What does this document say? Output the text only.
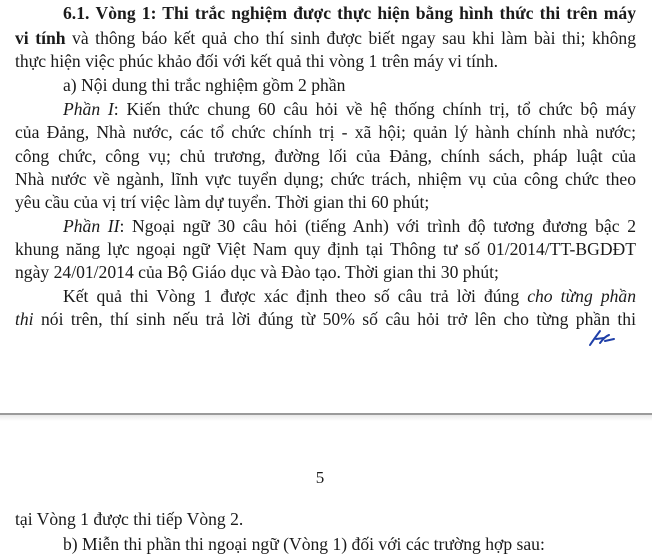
6.1. Vòng 1: Thi trắc nghiệm được thực hiện bằng hình thức thi trên máy
vi tính và thông báo kết quả cho thí sinh được biết ngay sau khi làm bài thi; không
thực hiện việc phúc khảo đối với kết quả thi vòng 1 trên máy vi tính.
a) Nội dung thi trắc nghiệm gồm 2 phần
Phần I: Kiến thức chung 60 câu hỏi về hệ thống chính trị, tổ chức bộ máy
của Đảng, Nhà nước, các tổ chức chính trị - xã hội; quản lý hành chính nhà nước;
công chức, công vụ; chủ trương, đường lối của Đảng, chính sách, pháp luật của
Nhà nước về ngành, lĩnh vực tuyển dụng; chức trách, nhiệm vụ của công chức theo
yêu cầu của vị trí việc làm dự tuyển. Thời gian thi 60 phút;
Phần II: Ngoại ngữ 30 câu hỏi (tiếng Anh) với trình độ tương đương bậc 2
khung năng lực ngoại ngữ Việt Nam quy định tại Thông tư số 01/2014/TT-BGDĐT
ngày 24/01/2014 của Bộ Giáo dục và Đào tạo. Thời gian thi 30 phút;
Kết quả thi Vòng 1 được xác định theo số câu trả lời đúng cho từng phần
thi nói trên, thí sinh nếu trả lời đúng từ 50% số câu hỏi trở lên cho từng phần thi
5
tại Vòng 1 được thi tiếp Vòng 2.
b) Miễn thi phần thi ngoại ngữ (Vòng 1) đối với các trường hợp sau:
